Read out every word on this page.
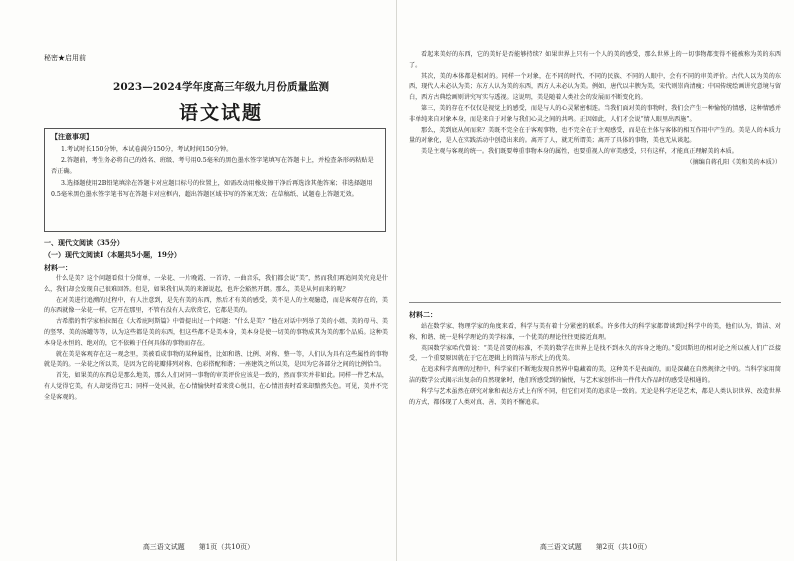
秘密★启用前
2023—2024学年度高三年级九月份质量监测
语文试题
【注意事项】

1.考试时长150分钟，本试卷满分150分，考试时间150分钟。

2.答题前，考生务必将自己的姓名、班级、考号用0.5毫米的黑色墨水签字笔填写在答题卡上，并检查条形码粘贴是否正确。

3.选择题使用2B铅笔填涂在答题卡对应题目标号的位置上，如需改动用橡皮擦干净后再选涂其他答案；非选择题用0.5毫米黑色墨水签字笔书写在答题卡对应框内，超出答题区域书写的答案无效；在草稿纸、试题卷上答题无效。

一、现代文阅读（35分）
（一）现代文阅读Ⅰ（本题共5小题，19分）
材料一：

什么是美？这个问题看似十分简单，一朵花、一片晚霞、一首诗、一曲音乐，我们都会说“美”，然而我们再追问美究竟是什么，我们却会发现自己很难回答。但是，如果我们从美的来源说起，也许会豁然开朗。那么，美是从何而来的呢？

在对美进行追溯的过程中，有人注意到，是先有美的东西，然后才有美的感受，美不是人的主观臆造，而是客观存在的，美的东西就像一朵花一样，它开在那里，不管有没有人去欣赏它，它都是美的。

古希腊的哲学家柏拉图在《大希庇阿斯篇》中曾提出过一个问题：“什么是美？”他在对话中列举了美的小姐、美的母马、美的竖琴、美的汤罐等等，认为这些都是美的东西，但这些都不是美本身，美本身是使一切美的事物成其为美的那个品质。这种美本身是永恒的、绝对的，它不依赖于任何具体的事物而存在。

就在美是客观存在这一观念里，美被看成事物的某种属性，比如和谐、比例、对称、整一等，人们认为具有这些属性的事物就是美的。一朵花之所以美，是因为它的花瓣排列对称、色彩搭配和谐；一座建筑之所以美，是因为它各部分之间的比例恰当。

首先，如果美的东西总是那么地美，那么人们对同一事物的审美评价应该是一致的，然而事实并非如此。同样一件艺术品，有人觉得它美，有人却觉得它丑；同样一处风景，在心情愉快时看来赏心悦目，在心情沮丧时看来却黯然失色。可见，美并不完全是客观的。

高三语文试题　　第1页（共10页）

看起来美好的东西，它的美好是否能够持续？如果世界上只有一个人的美的感受，那么世界上的一切事物都变得不能被称为美的东西了。

其次，美的本体都是相对的。同样一个对象，在不同的时代、不同的民族、不同的人眼中，会有不同的审美评价。古代人以为美的东西，现代人未必认为美；东方人认为美的东西，西方人未必认为美。例如，唐代以丰腴为美，宋代则崇尚清瘦；中国传统绘画讲究意境与留白，西方古典绘画则讲究写实与透视。这说明，美是随着人类社会的发展而不断变化的。

第三，美的存在不仅仅是视觉上的感受，而是与人的心灵紧密相连。当我们面对美的事物时，我们会产生一种愉悦的情感，这种情感并非单纯来自对象本身，而是来自于对象与我们心灵之间的共鸣。正因如此，人们才会说“情人眼里出西施”。

那么，美到底从何而来？美既不完全在于客观事物，也不完全在于主观感受，而是在主体与客体的相互作用中产生的。美是人的本质力量的对象化，是人在实践活动中创造出来的。离开了人，就无所谓美；离开了具体的事物，美也无从谈起。

美是主观与客观的统一。我们既要尊重事物本身的属性，也要重视人的审美感受，只有这样，才能真正理解美的本质。

（摘编自蒋孔阳《美和美的本质》）

材料二：

站在数学家、物理学家的角度来看，科学与美有着十分紧密的联系。许多伟大的科学家都曾谈到过科学中的美，他们认为，简洁、对称、和谐、统一是科学理论的美学标准，一个优美的理论往往更接近真理。

英国数学家哈代曾说：“美是首要的标准，不美的数学在世界上是找不到永久的容身之地的。”爱因斯坦的相对论之所以被人们广泛接受，一个重要原因就在于它在逻辑上的简洁与形式上的优美。

在追求科学真理的过程中，科学家们不断地发现自然界中隐藏着的美，这种美不是表面的，而是深藏在自然规律之中的。当科学家用简洁的数学公式揭示出复杂的自然现象时，他们所感受到的愉悦，与艺术家创作出一件伟大作品时的感受是相通的。

科学与艺术虽然在研究对象和表达方式上有所不同，但它们对美的追求是一致的。无论是科学还是艺术，都是人类认识世界、改造世界的方式，都体现了人类对真、善、美的不懈追求。

高三语文试题　　第2页（共10页）
